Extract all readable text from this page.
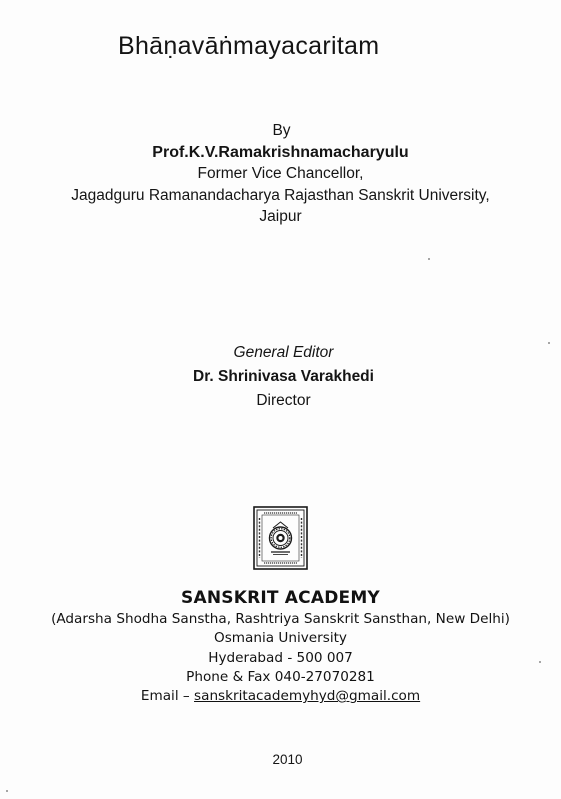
Bhāṇavāṅmayacaritam
By
Prof.K.V.Ramakrishnamacharyulu
Former Vice Chancellor,
Jagadguru Ramanandacharya Rajasthan Sanskrit University,
Jaipur
General Editor
Dr. Shrinivasa Varakhedi
Director
SANSKRIT ACADEMY
(Adarsha Shodha Sanstha, Rashtriya Sanskrit Sansthan, New Delhi)
Osmania University
Hyderabad - 500 007
Phone & Fax 040-27070281
Email – sanskritacademyhyd@gmail.com
2010
